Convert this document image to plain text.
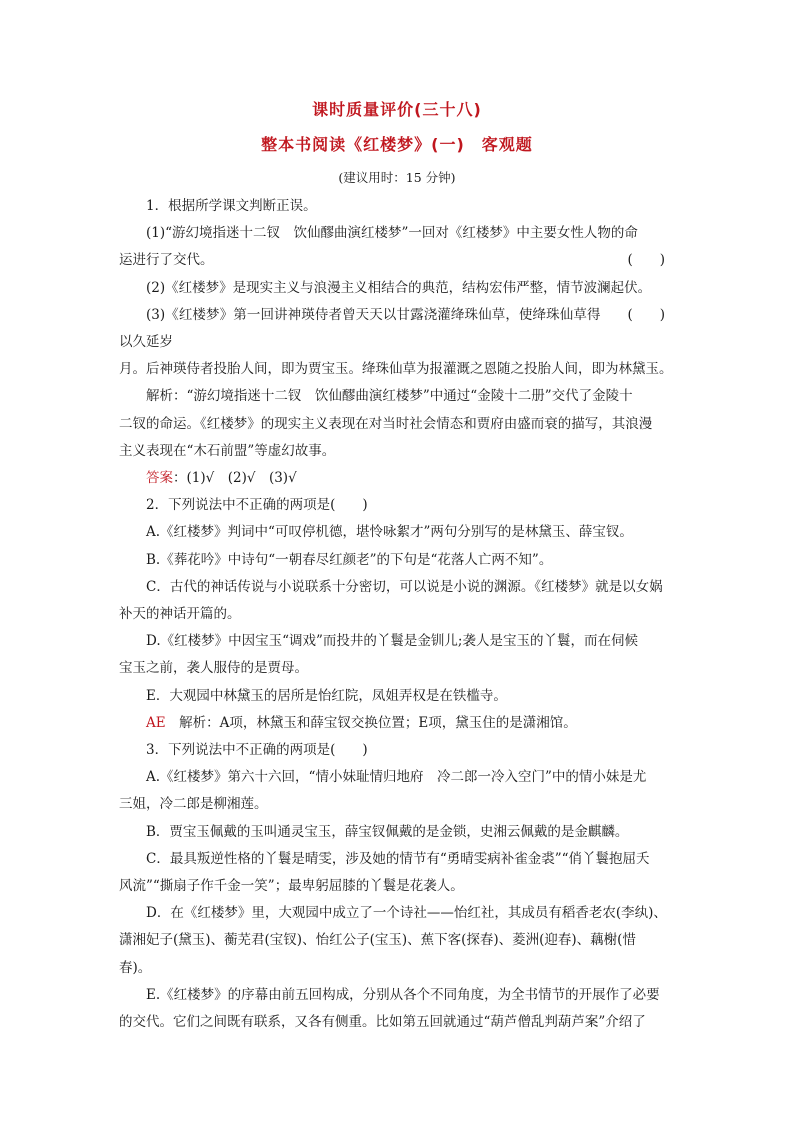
课时质量评价(三十八)
整本书阅读《红楼梦》(一)　客观题
(建议用时：15 分钟)

1．根据所学课文判断正误。

(1)“游幻境指迷十二钗　饮仙醪曲演红楼梦”一回对《红楼梦》中主要女性人物的命

运进行了交代。	(　　)

(2)《红楼梦》是现实主义与浪漫主义相结合的典范，结构宏伟严整，情节波澜起伏。
(　　)

(3)《红楼梦》第一回讲神瑛侍者曾天天以甘露浇灌绛珠仙草，使绛珠仙草得以久延岁

月。后神瑛侍者投胎人间，即为贾宝玉。绛珠仙草为报灌溉之恩随之投胎人间，即为林黛玉。

解析：“游幻境指迷十二钗　饮仙醪曲演红楼梦”中通过“金陵十二册”交代了金陵十

二钗的命运。《红楼梦》的现实主义表现在对当时社会情态和贾府由盛而衰的描写，其浪漫

主义表现在“木石前盟”等虚幻故事。

答案：(1)√　(2)√　(3)√

2．下列说法中不正确的两项是(　　)

A.《红楼梦》判词中“可叹停机德，堪怜咏絮才”两句分别写的是林黛玉、薛宝钗。

B.《葬花吟》中诗句“一朝春尽红颜老”的下句是“花落人亡两不知”。

C．古代的神话传说与小说联系十分密切，可以说是小说的渊源。《红楼梦》就是以女娲

补天的神话开篇的。

D.《红楼梦》中因宝玉“调戏”而投井的丫鬟是金钏儿;袭人是宝玉的丫鬟，而在伺候

宝玉之前，袭人服侍的是贾母。

E．大观园中林黛玉的居所是怡红院，凤姐弄权是在铁槛寺。

AE　解析：A项，林黛玉和薛宝钗交换位置；E项，黛玉住的是潇湘馆。

3．下列说法中不正确的两项是(　　)

A.《红楼梦》第六十六回，“情小妹耻情归地府　冷二郎一冷入空门”中的情小妹是尤

三姐，冷二郎是柳湘莲。

B．贾宝玉佩戴的玉叫通灵宝玉，薛宝钗佩戴的是金锁，史湘云佩戴的是金麒麟。

C．最具叛逆性格的丫鬟是晴雯，涉及她的情节有“勇晴雯病补雀金裘”“俏丫鬟抱屈夭

风流”“撕扇子作千金一笑”；最卑躬屈膝的丫鬟是花袭人。

D．在《红楼梦》里，大观园中成立了一个诗社——怡红社，其成员有稻香老农(李纨)、

潇湘妃子(黛玉)、蘅芜君(宝钗)、怡红公子(宝玉)、蕉下客(探春)、菱洲(迎春)、藕榭(惜

春)。

E.《红楼梦》的序幕由前五回构成，分别从各个不同角度，为全书情节的开展作了必要

的交代。它们之间既有联系，又各有侧重。比如第五回就通过“葫芦僧乱判葫芦案”介绍了
